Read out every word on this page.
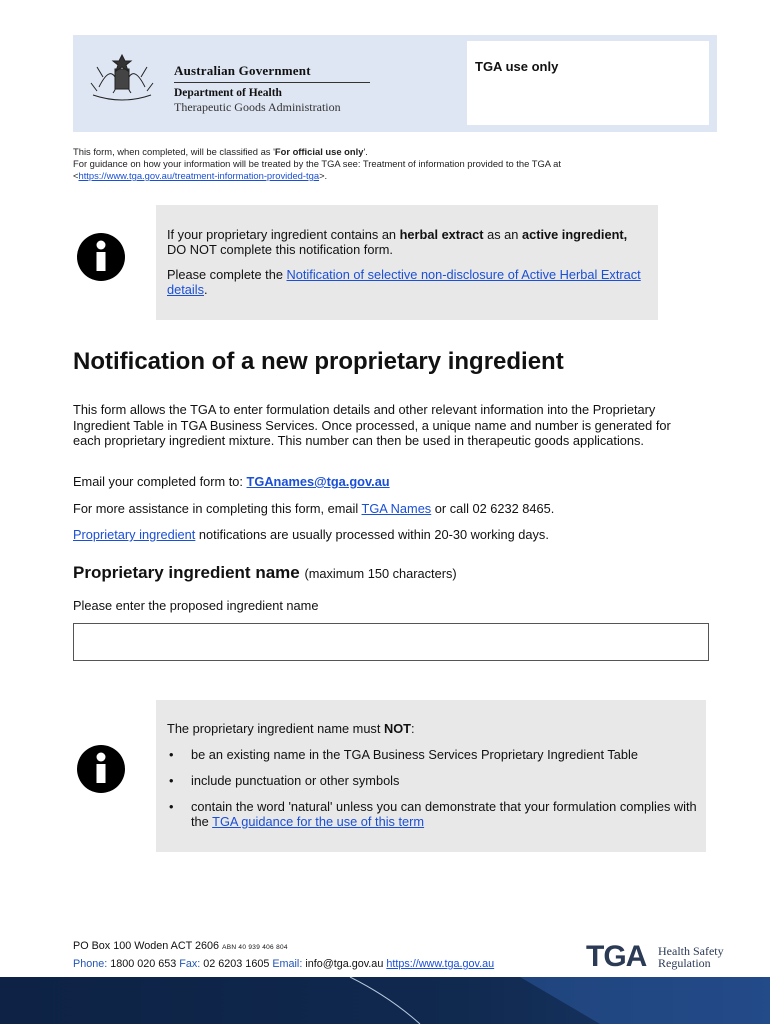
Australian Government
Department of Health
Therapeutic Goods Administration
TGA use only
This form, when completed, will be classified as 'For official use only'.
For guidance on how your information will be treated by the TGA see: Treatment of information provided to the TGA at
<https://www.tga.gov.au/treatment-information-provided-tga>.

If your proprietary ingredient contains an herbal extract as an active ingredient, DO NOT complete this notification form.

Please complete the Notification of selective non-disclosure of Active Herbal Extract details.

Notification of a new proprietary ingredient

This form allows the TGA to enter formulation details and other relevant information into the Proprietary Ingredient Table in TGA Business Services. Once processed, a unique name and number is generated for each proprietary ingredient mixture. This number can then be used in therapeutic goods applications.

Email your completed form to: TGAnames@tga.gov.au

For more assistance in completing this form, email TGA Names or call 02 6232 8465.

Proprietary ingredient notifications are usually processed within 20-30 working days.

Proprietary ingredient name (maximum 150 characters)

Please enter the proposed ingredient name

The proprietary ingredient name must NOT:

• be an existing name in the TGA Business Services Proprietary Ingredient Table
• include punctuation or other symbols
• contain the word 'natural' unless you can demonstrate that your formulation complies with the TGA guidance for the use of this term
PO Box 100 Woden ACT 2606 ABN 40 939 406 804
Phone: 1800 020 653 Fax: 02 6203 1605 Email: info@tga.gov.au https://www.tga.gov.au	TGA Health Safety
Regulation
